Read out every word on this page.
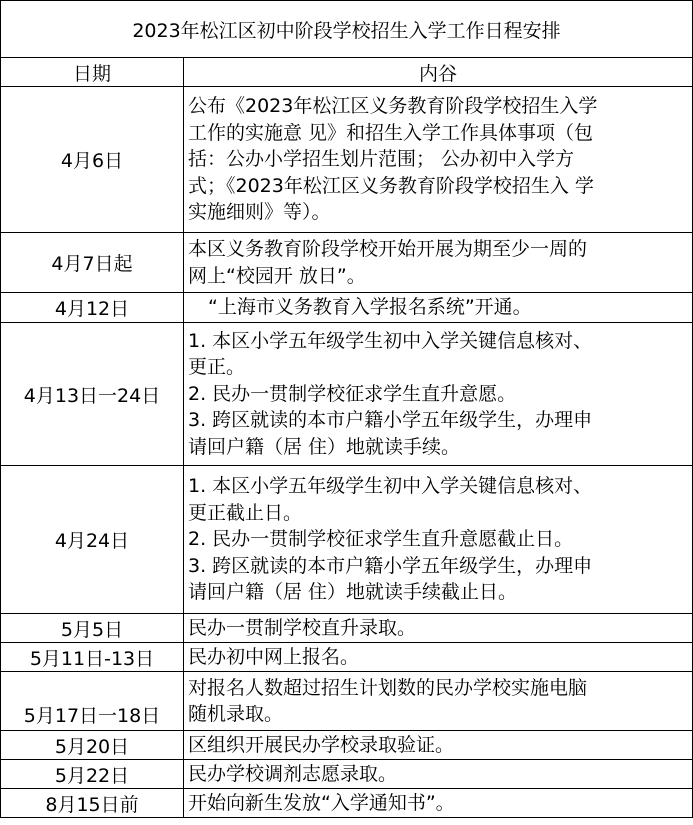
2023年松江区初中阶段学校招生入学工作日程安排	
日期	内谷
4月6日	公布《2023年松江区义务教育阶段学校招生入学
工作的实施意 见》和招生入学工作具体事项（包
括：公办小学招生划片范围； 公办初中入学方
式；《2023年松江区义务教育阶段学校招生入 学
实施细则》等）。

4月7日起	本区义务教育阶段学校开始开展为期至少一周的
网上“校园开 放日”。

4月12日	“上海市义务教育入学报名系统”开通。

4月13日一24日	1. 本区小学五年级学生初中入学关键信息核对、
更正。
2. 民办一贯制学校征求学生直升意愿。
3. 跨区就读的本市户籍小学五年级学生，办理申
请回户籍（居 住）地就读手续。

4月24日	1. 本区小学五年级学生初中入学关键信息核对、
更正截止日。
2. 民办一贯制学校征求学生直升意愿截止日。
3. 跨区就读的本市户籍小学五年级学生，办理申
请回户籍（居 住）地就读手续截止日。

5月5日	民办一贯制学校直升录取。

5月11日-13日	民办初中网上报名。

5月17日一18日	对报名人数超过招生计划数的民办学校实施电脑
随机录取。

5月20日	区组织开展民办学校录取验证。

5月22日	民办学校调剂志愿录取。

8月15日前	开始向新生发放“入学通知书”。
